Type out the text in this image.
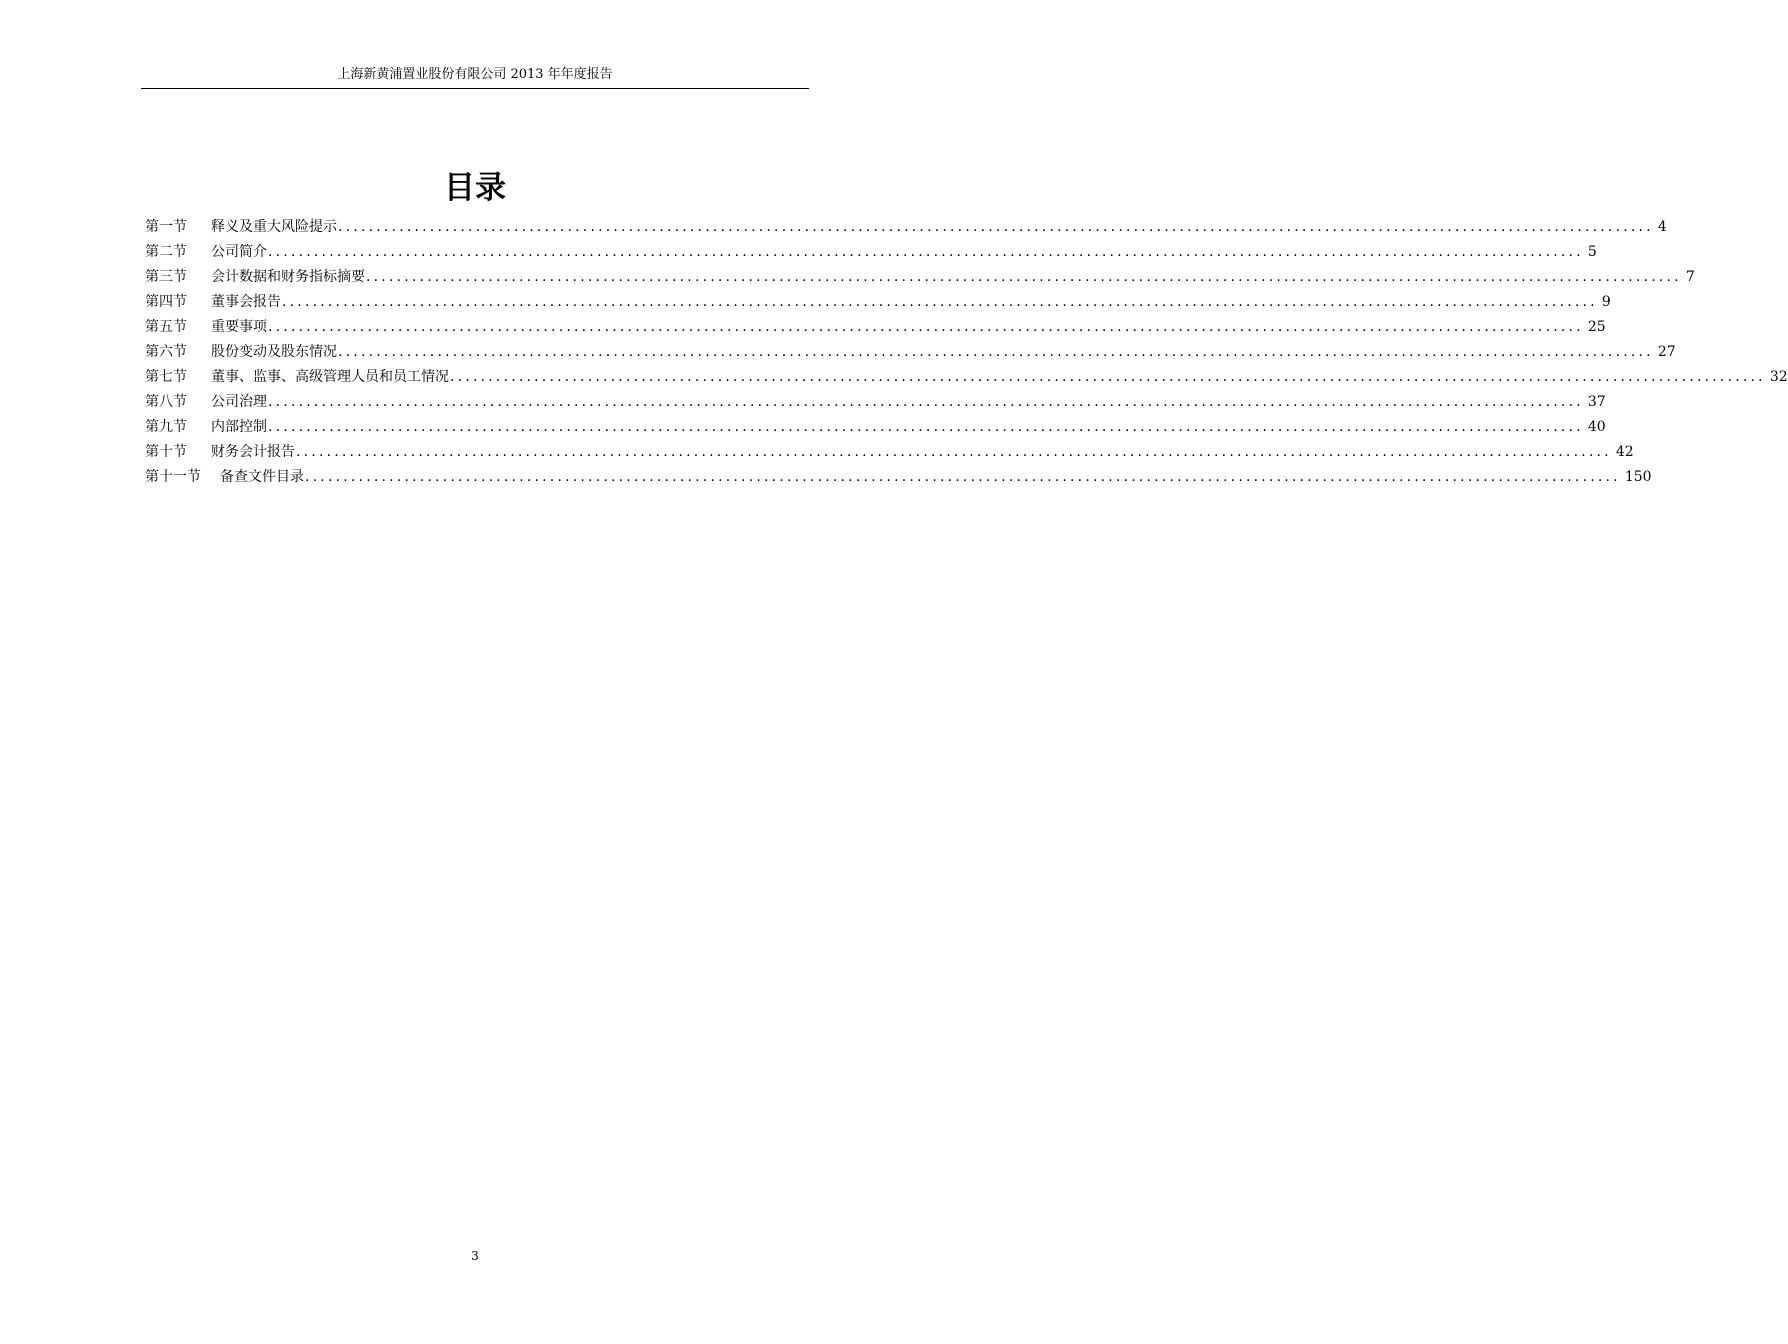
上海新黄浦置业股份有限公司 2013 年年度报告
目录
第一节	释义及重大风险提示 ............................................................................................................................................................................ 4
第二节	公司简介 ............................................................................................................................................................................ 5
第三节	会计数据和财务指标摘要 ............................................................................................................................................................................ 7
第四节	董事会报告 ............................................................................................................................................................................ 9
第五节	重要事项 ............................................................................................................................................................................ 25
第六节	股份变动及股东情况 ............................................................................................................................................................................ 27
第七节	董事、监事、高级管理人员和员工情况 ............................................................................................................................................................................ 32
第八节	公司治理 ............................................................................................................................................................................ 37
第九节	内部控制 ............................................................................................................................................................................ 40
第十节	财务会计报告 ............................................................................................................................................................................ 42
第十一节	备查文件目录 ............................................................................................................................................................................ 150
3
